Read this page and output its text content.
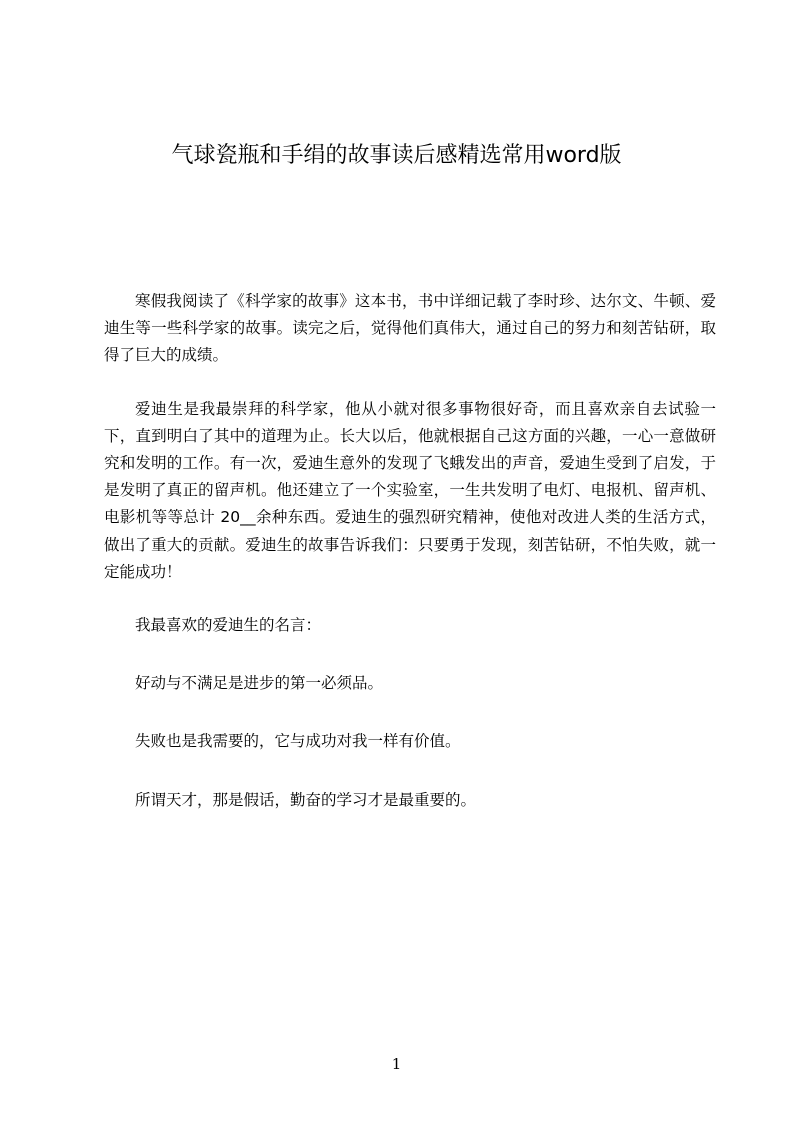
气球瓷瓶和手绢的故事读后感精选常用word版

寒假我阅读了《科学家的故事》这本书，书中详细记载了李时珍、达尔文、牛顿、爱迪生等一些科学家的故事。读完之后，觉得他们真伟大，通过自己的努力和刻苦钻研，取得了巨大的成绩。

爱迪生是我最崇拜的科学家，他从小就对很多事物很好奇，而且喜欢亲自去试验一下，直到明白了其中的道理为止。长大以后，他就根据自己这方面的兴趣，一心一意做研究和发明的工作。有一次，爱迪生意外的发现了飞蛾发出的声音，爱迪生受到了启发，于是发明了真正的留声机。他还建立了一个实验室，一生共发明了电灯、电报机、留声机、电影机等等总计 20__余种东西。爱迪生的强烈研究精神，使他对改进人类的生活方式，做出了重大的贡献。爱迪生的故事告诉我们：只要勇于发现，刻苦钻研，不怕失败，就一定能成功！

我最喜欢的爱迪生的名言：

好动与不满足是进步的第一必须品。

失败也是我需要的，它与成功对我一样有价值。

所谓天才，那是假话，勤奋的学习才是最重要的。

1
